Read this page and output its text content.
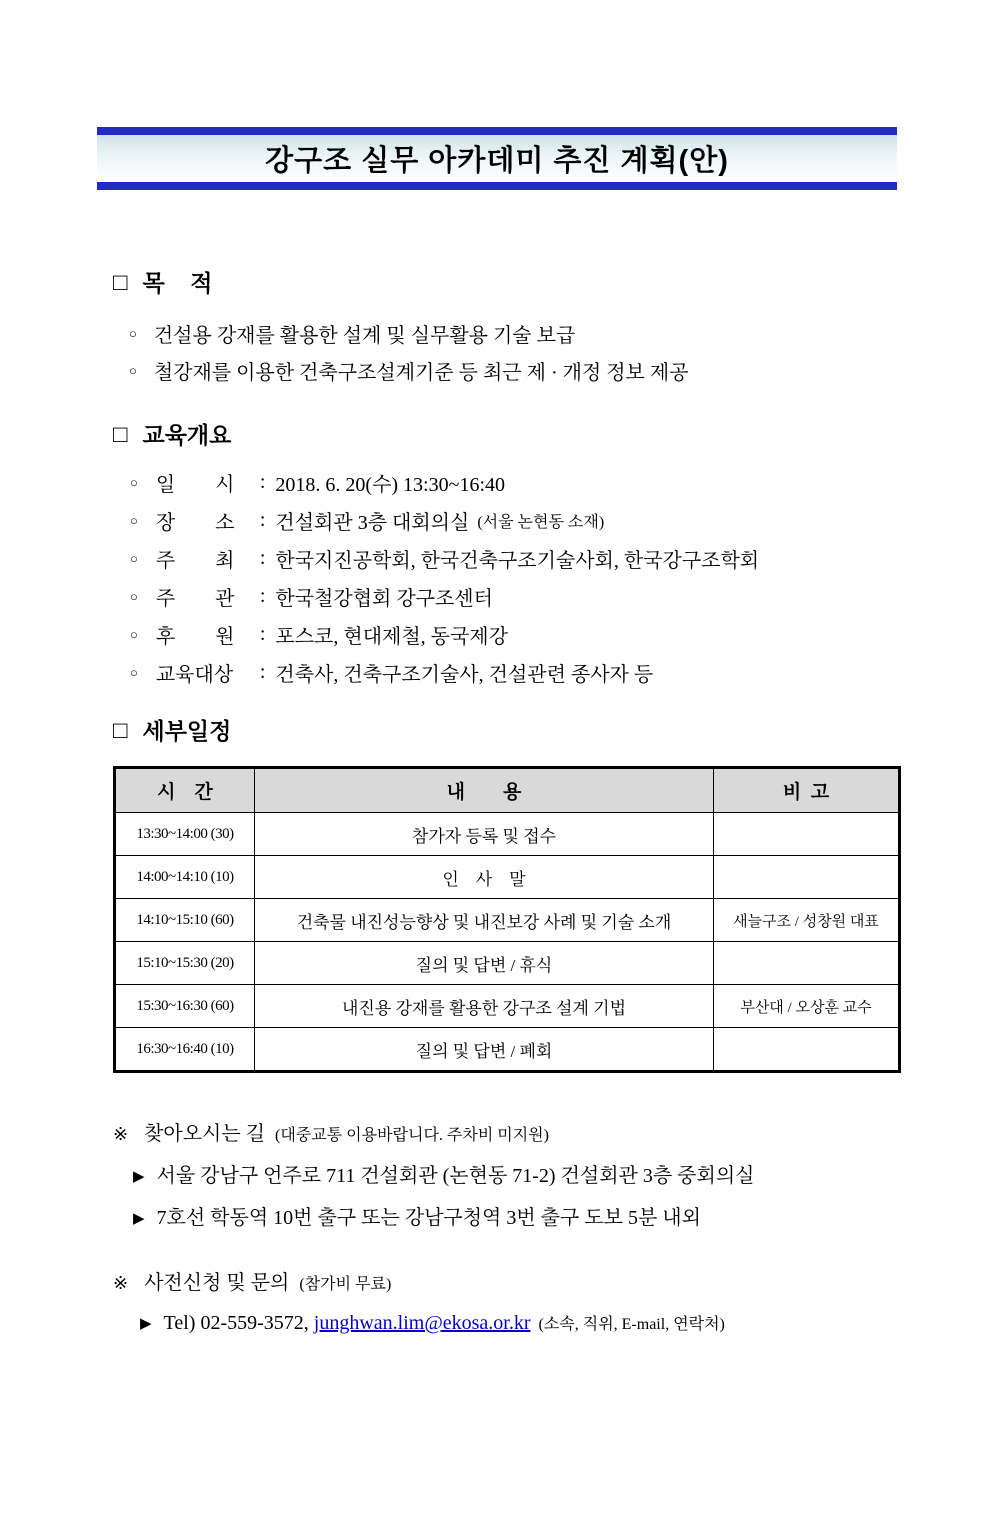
강구조 실무 아카데미 추진 계획(안)
□ 목    적
○ 건설용 강재를 활용한 설계 및 실무활용 기술 보급
○ 철강재를 이용한 건축구조설계기준 등 최근 제 · 개정 정보 제공
□ 교육개요
○ 일        시	: 2018. 6. 20(수) 13:30~16:40
○ 장        소	: 건설회관 3층 대회의실 (서울 논현동 소재)
○ 주        최	: 한국지진공학회, 한국건축구조기술사회, 한국강구조학회
○ 주        관	: 한국철강협회 강구조센터
○ 후        원	: 포스코, 현대제철, 동국제강
○ 교육대상	: 건축사, 건축구조기술사, 건설관련 종사자 등
□ 세부일정
시    간	내        용	비  고
13:30~14:00 (30)	참가자 등록 및 접수	
14:00~14:10 (10)	인    사    말	
14:10~15:10 (60)	건축물 내진성능향상 및 내진보강 사례 및 기술 소개	새늘구조 / 성창원 대표
15:10~15:30 (20)	질의 및 답변 / 휴식	
15:30~16:30 (60)	내진용 강재를 활용한 강구조 설계 기법	부산대 / 오상훈 교수
16:30~16:40 (10)	질의 및 답변 / 폐회	
※ 찾아오시는 길 (대중교통 이용바랍니다. 주차비 미지원)
▶ 서울 강남구 언주로 711 건설회관 (논현동 71-2) 건설회관 3층 중회의실
▶ 7호선 학동역 10번 출구 또는 강남구청역 3번 출구 도보 5분 내외
※ 사전신청 및 문의 (참가비 무료)
▶ Tel) 02-559-3572,
junghwan.lim@ekosa.or.kr (소속, 직위, E-mail, 연락처)
